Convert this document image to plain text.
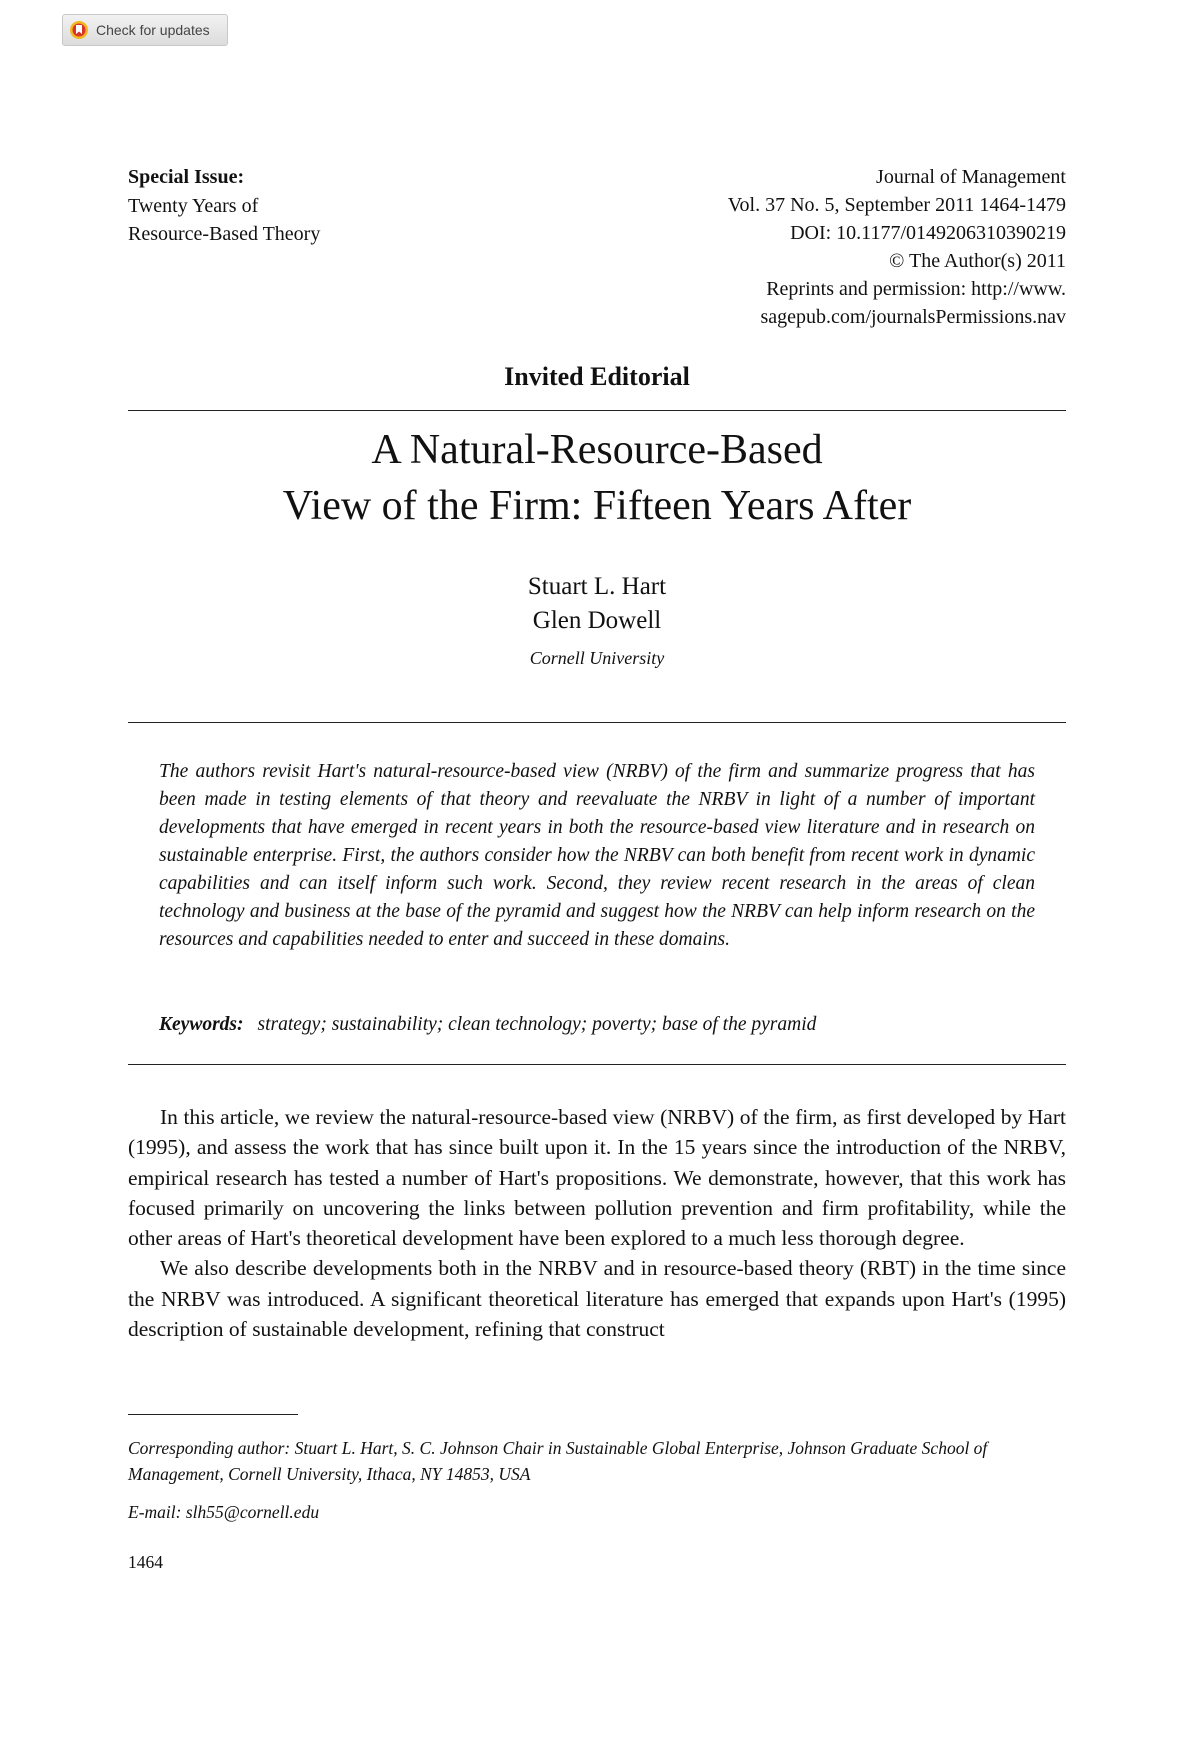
Check for updates
Special Issue:
Twenty Years of
Resource-Based Theory
Journal of Management
Vol. 37 No. 5, September 2011 1464-1479
DOI: 10.1177/0149206310390219
© The Author(s) 2011
Reprints and permission: http://www.
sagepub.com/journalsPermissions.nav
Invited Editorial
A Natural-Resource-Based
View of the Firm: Fifteen Years After
Stuart L. Hart
Glen Dowell
Cornell University
The authors revisit Hart's natural-resource-based view (NRBV) of the firm and summarize progress that has been made in testing elements of that theory and reevaluate the NRBV in light of a number of important developments that have emerged in recent years in both the resource-based view literature and in research on sustainable enterprise. First, the authors consider how the NRBV can both benefit from recent work in dynamic capabilities and can itself inform such work. Second, they review recent research in the areas of clean technology and business at the base of the pyramid and suggest how the NRBV can help inform research on the resources and capabilities needed to enter and succeed in these domains.
Keywords: strategy; sustainability; clean technology; poverty; base of the pyramid

In this article, we review the natural-resource-based view (NRBV) of the firm, as first developed by Hart (1995), and assess the work that has since built upon it. In the 15 years since the introduction of the NRBV, empirical research has tested a number of Hart's propositions. We demonstrate, however, that this work has focused primarily on uncovering the links between pollution prevention and firm profitability, while the other areas of Hart's theoretical development have been explored to a much less thorough degree.

We also describe developments both in the NRBV and in resource-based theory (RBT) in the time since the NRBV was introduced. A significant theoretical literature has emerged that expands upon Hart's (1995) description of sustainable development, refining that construct

Corresponding author: Stuart L. Hart, S. C. Johnson Chair in Sustainable Global Enterprise, Johnson Graduate School of Management, Cornell University, Ithaca, NY 14853, USA
E-mail: slh55@cornell.edu
1464
